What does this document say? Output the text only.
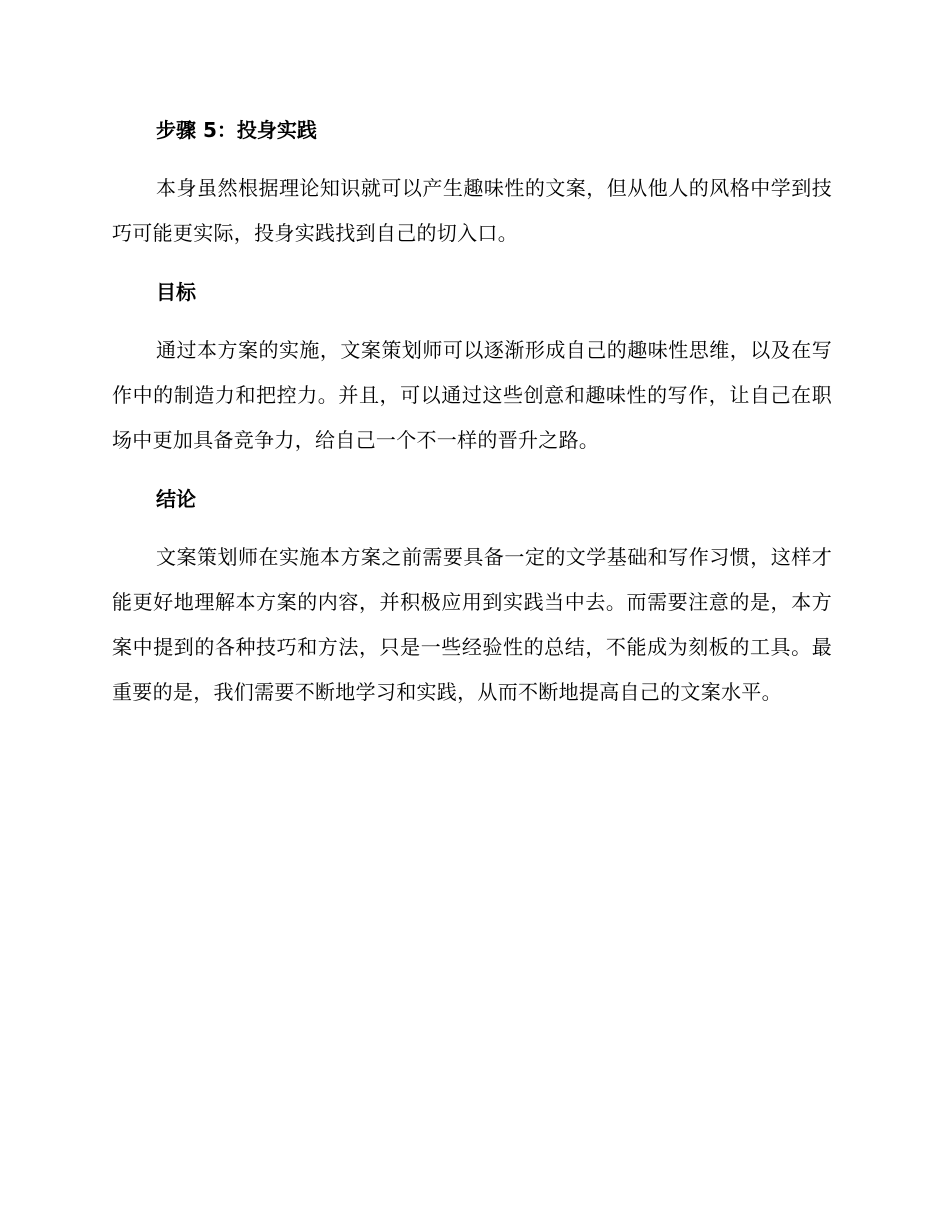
步骤 5：投身实践

本身虽然根据理论知识就可以产生趣味性的文案，但从他人的风格中学到技巧可能更实际，投身实践找到自己的切入口。

目标

通过本方案的实施，文案策划师可以逐渐形成自己的趣味性思维，以及在写作中的制造力和把控力。并且，可以通过这些创意和趣味性的写作，让自己在职场中更加具备竞争力，给自己一个不一样的晋升之路。

结论

文案策划师在实施本方案之前需要具备一定的文学基础和写作习惯，这样才能更好地理解本方案的内容，并积极应用到实践当中去。而需要注意的是，本方案中提到的各种技巧和方法，只是一些经验性的总结，不能成为刻板的工具。最重要的是，我们需要不断地学习和实践，从而不断地提高自己的文案水平。
